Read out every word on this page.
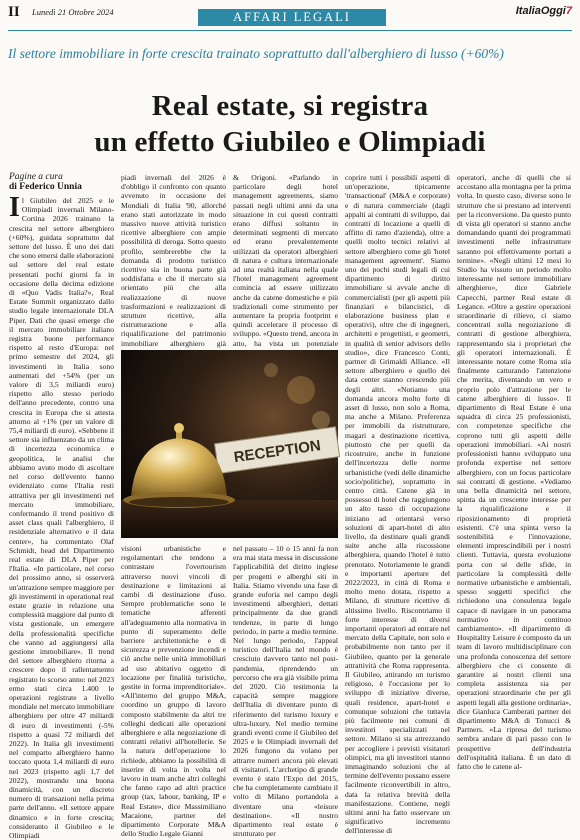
II Lunedì 21 Ottobre 2024	AFFARI LEGALI	ItaliaOggi7
Il settore immobiliare in forte crescita trainato soprattutto dall'alberghiero di lusso (+60%)
Real estate, si registra
un effetto Giubileo e Olimpiadi
Pagine a cura
di Federico Unnia

Il Giubileo del 2025 e le Olimpiadi invernali Milano-Cortina 2026 trainano la crescita nel settore alberghiero (+60%), guidata soprattutto dal settore del lusso. È uno dei dati che sono emersi dalle elaborazioni sul settore del real estate presentati pochi giorni fa in occasione della decima edizione di «Quo Vadis Italia?», Real Estate Summit organizzato dallo studio legale internazionale DLA Piper. Dati che quasi emerge che il mercato immobiliare italiano registra buone performance rispetto al resto d'Europa: nel primo semestre del 2024, gli investimenti in Italia sono aumentati del +54% (per un valore di 3,5 miliardi euro) rispetto allo stesso periodo dell'anno precedente, contro una crescita in Europa che si attesta attorno al +1% (per un valore di 75,4 miliardi di euro). «Sebbene il settore sia influenzato da un clima di incertezza economica e geopolitica, le analisi che abbiamo avuto modo di ascoltare nel corso dell'evento hanno evidenziato come l'Italia resti attrattiva per gli investimenti nel mercato immobiliare, confermando il trend positivo di asset class quali l'alberghiero, il residenziale alternativo e il data center», ha commentato Olaf Schmidt, head del Dipartimento real estate di DLA Piper per l'Italia. «In particolare, nel corso del prossimo anno, si osserverà un'attrazione sempre maggiore per gli investimenti in operational real estate grazie in relazione una complessità maggiore dal punto di vista gestionale, un emergere della professionalità specifiche che vanno ad aggiungersi alla gestione immobiliare». Il trend del settore alberghiero ritorna a crescere dopo il rallentamento registrato lo scorso anno: nel 2023 ermo stati circa 1.400 le operazioni registrate a livello mondiale nel mercato immobiliare alberghiero per oltre 47 miliardi di euro di investimenti (-5% rispetto a quasi 72 miliardi del 2022). In Italia gli investimenti nel comparto alberghiero hanno toccato quota 1,4 miliardi di euro nel 2023 (rispetto agli 1,7 del 2022), mostrando una buona dinamicità, con un discreto numero di transazioni nella prima parte dell'anno. «Il settore appare dinamico e in forte crescita; consideranto il Giubileo e le Olimpiadi

piadi invernali del 2026 è d'obbligo il confronto con quanto avvenuto in occasione dei Mondiali di Italia '90, allorché erano stati autorizzate in modo massivo nuove attività turistico ricettive alberghiere con ampie possibilità di deroga. Sotto questo profilo, sembrerebbe che la domanda di prodotto turistico ricettivo sia in buona parte già soddisfatta e che il mercato sia orientato più che alla realizzazione di nuove trasformazioni e realizzazioni di strutture ricettive, alla ristrutturazione e alla riqualificazione del patrimonio immobiliare alberghiero già

& Origoni. «Parlando in particolare degli hotel management agreements, siamo passati negli ultimi anni da una situazione in cui questi contratti erano diffusi soltanto in determinati segmenti di mercato ed erano prevalentemente utilizzati da operatori alberghieri di natura e cultura internazionale ad una realtà italiana nella quale l'hotel management agreement comincia ad essere utilizzato anche da catene domestiche e più tradizionali come strumento per aumentare la propria footprint e quindi accelerare il processo di sviluppo. «Questo trend, ancora in atto, ha vista un potenziale

coprire tutti i possibili aspetti di un'operazione, tipicamente 'transactional' (M&A e corporate) e di natura commerciale (dagli appalti ai contratti di sviluppo, dai contratti di locazione a quelli di affitto di ramo d'azienda), oltre a quelli molto tecnici relativi al settore alberghiero come gli 'hotel management agreement'. Siamo uno dei pochi studi legali di cui dipartimento di diritto immobiliare si avvale anche di commercialisti (per gli aspetti più finanziari e bilancistici, di elaborazione business plan e operativi), oltre che di ingegneri, architetti e progettisti, e geometri, in qualità di senior advisors dello studio», dice Francesco Conti, partner di Grimaldi Alliance. «Il settore alberghiero e quello dei data center stanno crescendo più degli altri. «Notiamo una domanda ancora molto forte di asset di lusso, non solo a Roma, ma anche a Milano. Preferenza per immobili da ristrutturare, magari a destinazione ricettiva, piuttosto che per quelli da ricostruire, anche in funzione dell'incertezza delle norme urbanistiche (vedi delle dinamiche socio/politiche), soprattutto in centro città. Catene già in possesso di hotel che raggiungono un alto tasso di occupazione iniziano ad orientarsi verso soluzioni di apart-hotel di alto livello, da destinare quali grandi suite anche alla riscossione alberghiera, quando l'hotel è tutto prenotato. Notoriamente le grandi e importanti aperture del 2022/2023, in città di Roma e molto meno dotata, rispetto a Milano, di strutture ricettive di altissimo livello. Riscontriamo il forte interesse di diversi importanti operatori ad entrare nel mercato della Capitale, non solo e probabilmente non tanto per il Giubileo, quanto per la generale attrattività che Roma rappresenta. Il Giubileo, attirando un turismo religioso, è l'occasione per lo sviluppo di iniziative diverse, quali residence, apart-hotel e comunque soluzioni che tuttavia più facilmente nei comuni di investitori specializzati nel settore. Milano si sta attrezzando per accogliere i previsti visitatori olimpici, ma gli investitori stanno immaginando soluzioni che al termine dell'evento possano essere facilmente riconvertibili in altro, data la relativa brevità della manifestazione. Contiene, negli ultimi anni ha fatto osservare un significativo incremento dell'interesse di

operatori, anche di quelli che si accostano alla montagna per la prima volta. In questo caso, diverse sono le strutture che si prestano ad interventi per la riconversione. Da questo punto di vista gli operatori si stanno anche domandando quanti dei programmati investimenti nelle infrastrutture saranno poi effettivamente portati a termine». «Negli ultimi 12 mesi lo Studio ha vissuto un periodo molto interessante nel settore immobiliare alberghiero», dice Gabriele Capecchi, partner Real estate di Legance. «Oltre a gestire operazioni straordinarie di rilievo, ci siamo concentrati sulla negoziazione di contratti di gestione alberghiera, rappresentando sia i proprietari che gli operatori internazionali. È interessante notare come Roma stia finalmente catturando l'attenzione che merita, diventando un vero e proprio polo d'attrazione per le catene alberghiere di lusso». Il dipartimento di Real Estate è una squadra di circa 25 professionisti, con competenze specifiche che coprono tutti gli aspetti delle operazioni immobiliari. «Ai nostri professionisti hanno sviluppato una profonda expertise nel settore alberghiero, con un focus particolare sui contratti di gestione. «Vediamo una bella dinamicità nel settore, spinta da un crescente interesse per la riqualificazione e il riposizionamento di proprietà esistenti. C'è una spinta verso la sostenibilità e l'innovazione, elementi imprescindibili per i nostri clienti. Tuttavia, questa evoluzione porta con sé delle sfide, in particolare la complessità delle normative urbanistiche e ambientali, spesso soggetti specifici che richiedono una consulenza legale capace di navigare in un panorama normativo in continuo cambiamento». «Il dipartimento di Hospitality Leisure è composto da un team di lavoro multidisciplinare con una profonda conoscenza del settore alberghiero che ci consente di garantire ai nostri clienti una completa assistenza sia per operazioni straordinarie che per gli aspetti legali alla gestione ordinaria», dice Gianluca Camberati partner dei dipartimento M&A di Tonucci & Partners. «La ripresa del turismo sembra andare di pari passo con le prospettive dell'industria dell'ospitalità italiana. È un dato di fatto che le catene al-

RECEPTION

visioni urbanistiche e regolamentari che tendono a contrastare l'overtourism attraverso nuovi vincoli di destinazione e limitazioni ai cambi di destinazione d'uso. Sempre problematiche sono le tematiche afferenti all'adeguamento alla normativa in punto di superamento delle barriere architettoniche e di sicurezza e prevenzione incendi e ciò anche nelle unità immobiliari ad uso abitativo oggetto di locazione per finalità turistiche, gestite in forma imprenditoriale». «All'interno del gruppo M&A, coordino un gruppo di lavoro composto stabilmente da altri tre colleghi dedicati alle operazioni alberghiere e alla negoziazione di contratti relativi all'hotellerie. Se la natura dell'operazione lo richiede, abbiamo la possibilità di inserire di volta in volta nel lavoro in team anche altri colleghi che fanno capo ad altri practice group (tax, labour, banking, IP e Real Estate», dice Massimiliano Macaione, partner del dipartimento Corporate M&A dello Studio Legale Gianni

nel passato – 10 o 15 anni fa non era mai stata messa in discussione l'applicabilità del diritto inglese per progetti e alberghi siti in Italia. Stiamo vivendo una fase di grande euforia nel campo degli investimenti alberghieri, dettati principalmente da due grandi tendenze, in parte di lungo periodo, in parte a medio termine. Nel lungo periodo, l'appeal turistico dell'Italia nel mondo è cresciuto davvero tanto nel post-pandemia, riprendendo un percorso che era già visibile prima del 2020. Ciò testimonia la capacità sempre maggiore dell'Italia di diventare punto di riferimento del turismo luxury e ultra-luxury. Nel medio termine grandi eventi come il Giubileo del 2025 e le Olimpiadi invernali del 2026 fungono da volano per attrarre numeri ancora più elevati di visitatori. L'archetipo di grande evento è stato l'Expo del 2015, che ha completamente cambiato il volto di Milano portandola a diventare una «leisure destination». «Il nostro dipartimento real estate è strutturato per
